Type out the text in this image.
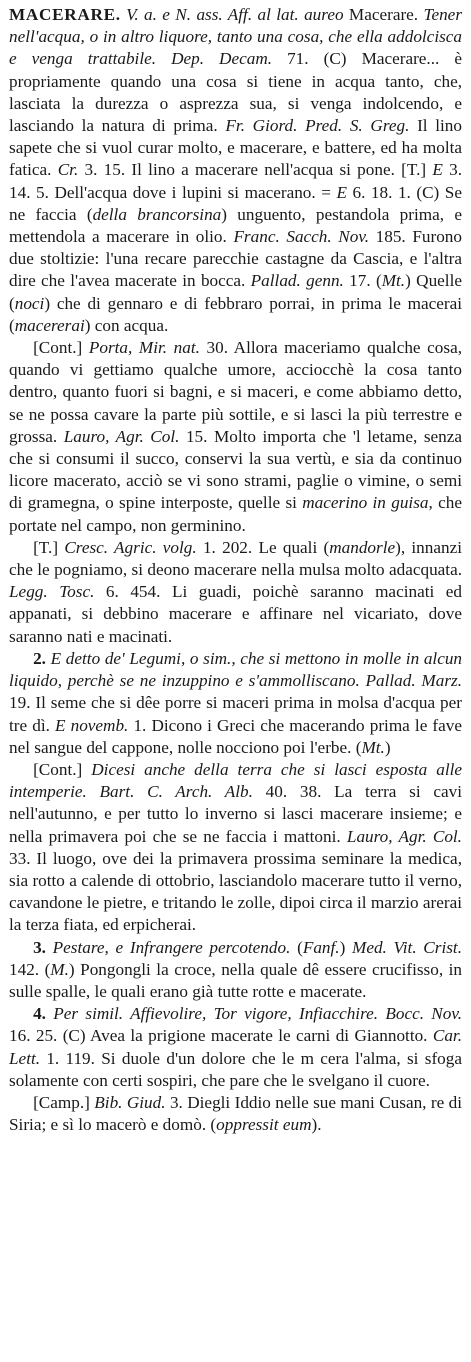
MACERARE. V. a. e N. ass. Aff. al lat. aureo Macerare. Tener nell'acqua, o in altro liquore, tanto una cosa, che ella addolcisca e venga trattabile. Dep. Decam. 71. (C) Macerare... è propriamente quando una cosa si tiene in acqua tanto, che, lasciata la durezza o asprezza sua, si venga indolcendo, e lasciando la natura di prima. Fr. Giord. Pred. S. Greg. Il lino sapete che si vuol curar molto, e macerare, e battere, ed ha molta fatica. Cr. 3. 15. Il lino a macerare nell'acqua si pone. [T.] E 3. 14. 5. Dell'acqua dove i lupini si macerano. = E 6. 18. 1. (C) Se ne faccia (della brancorsina) unguento, pestandola prima, e mettendola a macerare in olio. Franc. Sacch. Nov. 185. Furono due stoltizie: l'una recare parecchie castagne da Cascia, e l'altra dire che l'avea macerate in bocca. Pallad. genn. 17. (Mt.) Quelle (noci) che di gennaro e di febbraro porrai, in prima le macerai (macererai) con acqua.

[Cont.] Porta, Mir. nat. 30. Allora maceriamo qualche cosa, quando vi gettiamo qualche umore, acciocchè la cosa tanto dentro, quanto fuori si bagni, e si maceri, e come abbiamo detto, se ne possa cavare la parte più sottile, e si lasci la più terrestre e grossa. Lauro, Agr. Col. 15. Molto importa che 'l letame, senza che si consumi il succo, conservi la sua vertù, e sia da continuo licore macerato, acciò se vi sono strami, paglie o vimine, o semi di gramegna, o spine interposte, quelle si macerino in guisa, che portate nel campo, non germinino.

[T.] Cresc. Agric. volg. 1. 202. Le quali (mandorle), innanzi che le pogniamo, si deono macerare nella mulsa molto adacquata. Legg. Tosc. 6. 454. Li guadi, poichè saranno macinati ed appanati, si debbino macerare e affinare nel vicariato, dove saranno nati e macinati.

2. E detto de' Legumi, o sim., che si mettono in molle in alcun liquido, perchè se ne inzuppino e s'ammolliscano. Pallad. Marz. 19. Il seme che si dêe porre si maceri prima in molsa d'acqua per tre dì. E novemb. 1. Dicono i Greci che macerando prima le fave nel sangue del cappone, nolle nocciono poi l'erbe. (Mt.)

[Cont.] Dicesi anche della terra che si lasci esposta alle intemperie. Bart. C. Arch. Alb. 40. 38. La terra si cavi nell'autunno, e per tutto lo inverno si lasci macerare insieme; e nella primavera poi che se ne faccia i mattoni. Lauro, Agr. Col. 33. Il luogo, ove dei la primavera prossima seminare la medica, sia rotto a calende di ottobrio, lasciandolo macerare tutto il verno, cavandone le pietre, e tritando le zolle, dipoi circa il marzio arerai la terza fiata, ed erpicherai.

3. Pestare, e Infrangere percotendo. (Fanf.) Med. Vit. Crist. 142. (M.) Pongongli la croce, nella quale dê essere crucifisso, in sulle spalle, le quali erano già tutte rotte e macerate.

4. Per simil. Affievolire, Tor vigore, Infiacchire. Bocc. Nov. 16. 25. (C) Avea la prigione macerate le carni di Giannotto. Car. Lett. 1. 119. Si duole d'un dolore che le m cera l'alma, si sfoga solamente con certi sospiri, che pare che le svelgano il cuore.

[Camp.] Bib. Giud. 3. Diegli Iddio nelle sue mani Cusan, re di Siria; e sì lo macerò e domò. (oppressit eum).
